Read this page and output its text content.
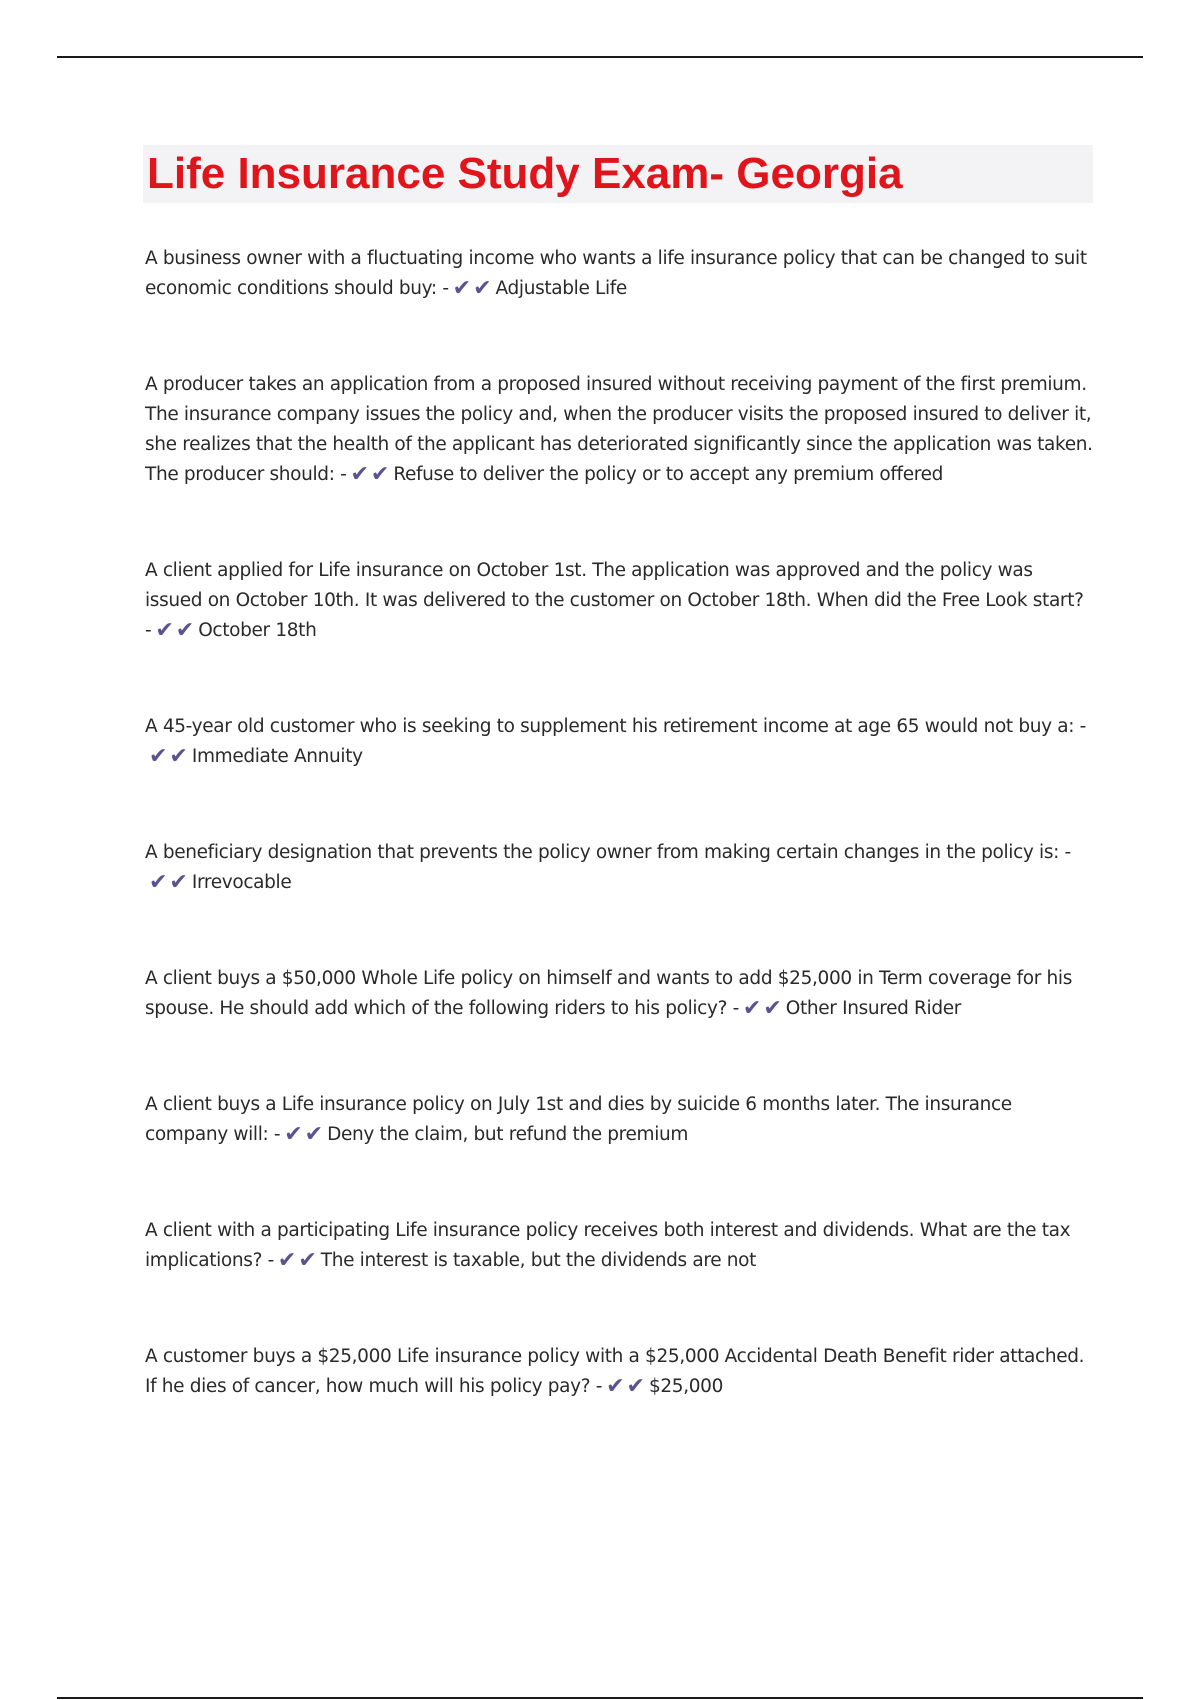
Life Insurance Study Exam- Georgia

A business owner with a fluctuating income who wants a life insurance policy that can be changed to suit economic conditions should buy: - ✔✔ Adjustable Life

A producer takes an application from a proposed insured without receiving payment of the first premium. The insurance company issues the policy and, when the producer visits the proposed insured to deliver it, she realizes that the health of the applicant has deteriorated significantly since the application was taken. The producer should: - ✔✔ Refuse to deliver the policy or to accept any premium offered

A client applied for Life insurance on October 1st. The application was approved and the policy was issued on October 10th. It was delivered to the customer on October 18th. When did the Free Look start? - ✔✔ October 18th

A 45-year old customer who is seeking to supplement his retirement income at age 65 would not buy a: -✔✔ Immediate Annuity

A beneficiary designation that prevents the policy owner from making certain changes in the policy is: -✔✔ Irrevocable

A client buys a $50,000 Whole Life policy on himself and wants to add $25,000 in Term coverage for his spouse. He should add which of the following riders to his policy? - ✔✔ Other Insured Rider

A client buys a Life insurance policy on July 1st and dies by suicide 6 months later. The insurance company will: - ✔✔ Deny the claim, but refund the premium

A client with a participating Life insurance policy receives both interest and dividends. What are the tax implications? - ✔✔ The interest is taxable, but the dividends are not

A customer buys a $25,000 Life insurance policy with a $25,000 Accidental Death Benefit rider attached. If he dies of cancer, how much will his policy pay? - ✔✔ $25,000
